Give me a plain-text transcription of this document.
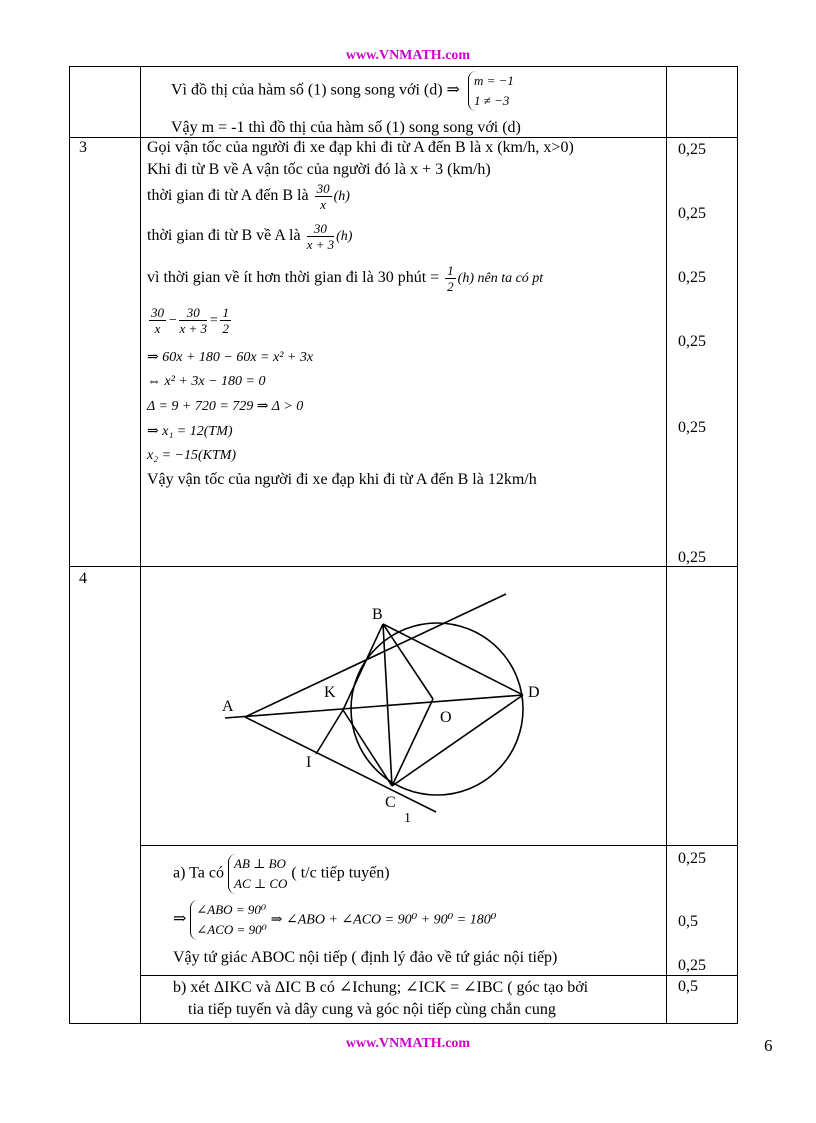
www.VNMATH.com
Vì đồ thị của hàm số (1) song song với (d) ⇒ m = −1
1 ≠ −3
Vậy m = -1 thì đồ thị của hàm số (1) song song với (d)
3	Gọi vận tốc của người đi xe đạp khi đi từ A đến B là x (km/h, x>0)
Khi đi từ B về A vận tốc của người đó là x + 3 (km/h)
thời gian đi từ A đến B là $\frac{30}{x} (h)$
thời gian đi từ B về A là $\frac{30}{x + 3} (h)$
vì thời gian về ít hơn thời gian đi là 30 phút = $\frac{1}{2} (h)$ nên ta có pt
$\frac{30}{x} - \frac{30}{x + 3} = \frac{1}{2}$
⇒ 60x + 180 − 60x = x² + 3x
⇔ x² + 3x − 180 = 0
Δ = 9 + 720 = 729 ⇒ Δ > 0
⇒ x₁ = 12(TM)
x₂ = −15(KTM)
Vậy vận tốc của người đi xe đạp khi đi từ A đến B là 12km/h
0,25
0,25
0,25
0,25
0,25
0,25
4
A
B
C
D
O
K
I
1
a) Ta có AB ⊥ BO
AC ⊥ CO ( t/c tiếp tuyến)
⇒ ∠ABO = 90⁰
∠ACO = 90⁰ ⇒ ∠ABO + ∠ACO = 90⁰ + 90⁰ = 180⁰
Vậy tứ giác ABOC nội tiếp ( định lý đảo về tứ giác nội tiếp)
0,25
0,5
0,25
b) xét ΔIKC và ΔIC B có ∠Ichung; ∠ICK = ∠IBC ( góc tạo bởi
tia tiếp tuyến và dây cung và góc nội tiếp cùng chắn cung
0,5
www.VNMATH.com	6
